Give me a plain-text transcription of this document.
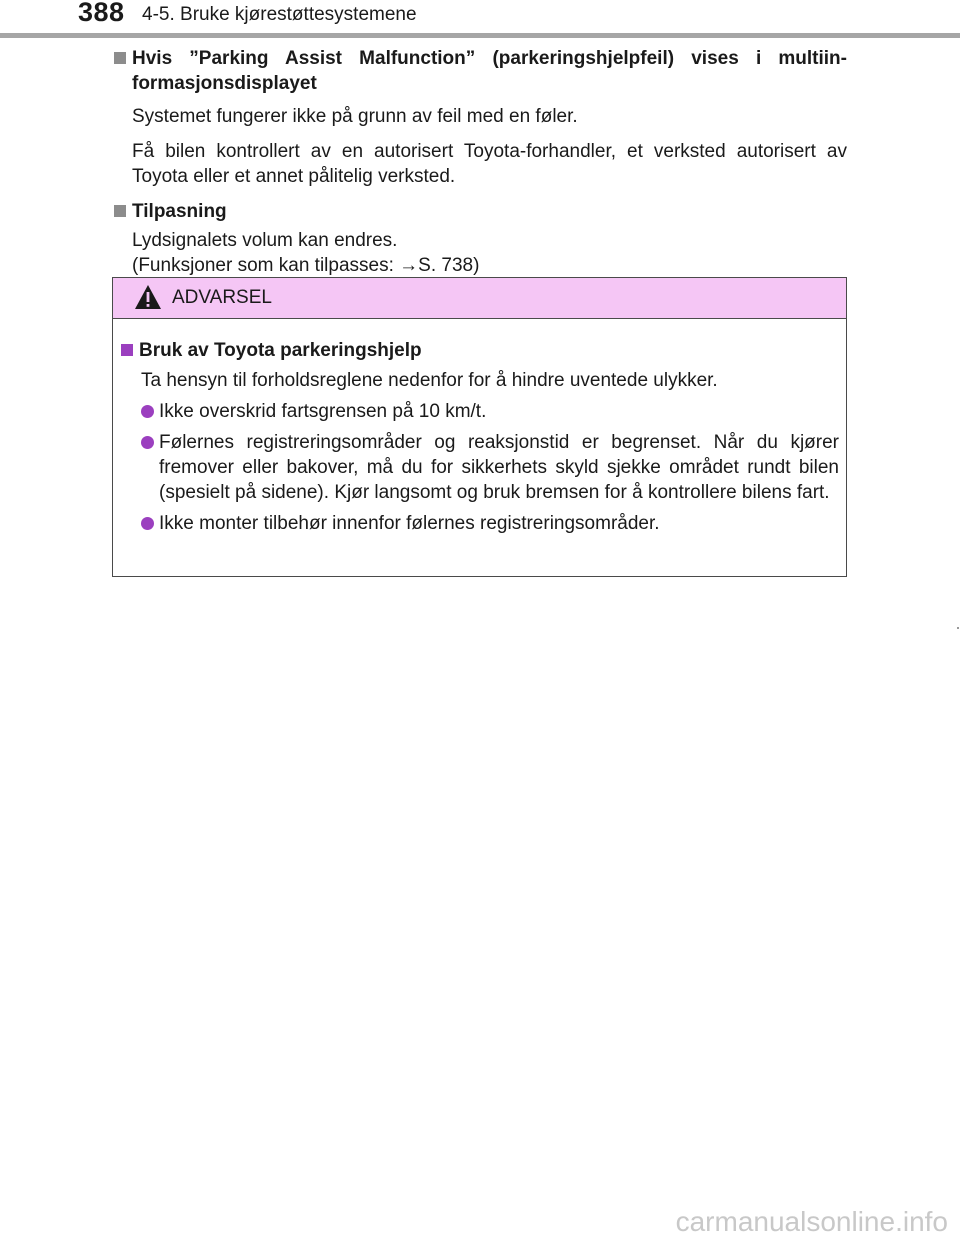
388 4-5. Bruke kjørestøttesystemene

Hvis ”Parking Assist Malfunction” (parkeringshjelpfeil) vises i multiinformasjonsdisplayet

Systemet fungerer ikke på grunn av feil med en føler.

Få bilen kontrollert av en autorisert Toyota-forhandler, et verksted autorisert av Toyota eller et annet pålitelig verksted.

Tilpasning

Lydsignalets volum kan endres.

(Funksjoner som kan tilpasses: →S. 738)

ADVARSEL

Bruk av Toyota parkeringshjelp

Ta hensyn til forholdsreglene nedenfor for å hindre uventede ulykker.

Ikke overskrid fartsgrensen på 10 km/t.
Følernes registreringsområder og reaksjonstid er begrenset. Når du kjører fremover eller bakover, må du for sikkerhets skyld sjekke området rundt bilen (spesielt på sidene). Kjør langsomt og bruk bremsen for å kontrollere bilens fart.
Ikke monter tilbehør innenfor følernes registreringsområder.
carmanualsonline.info
